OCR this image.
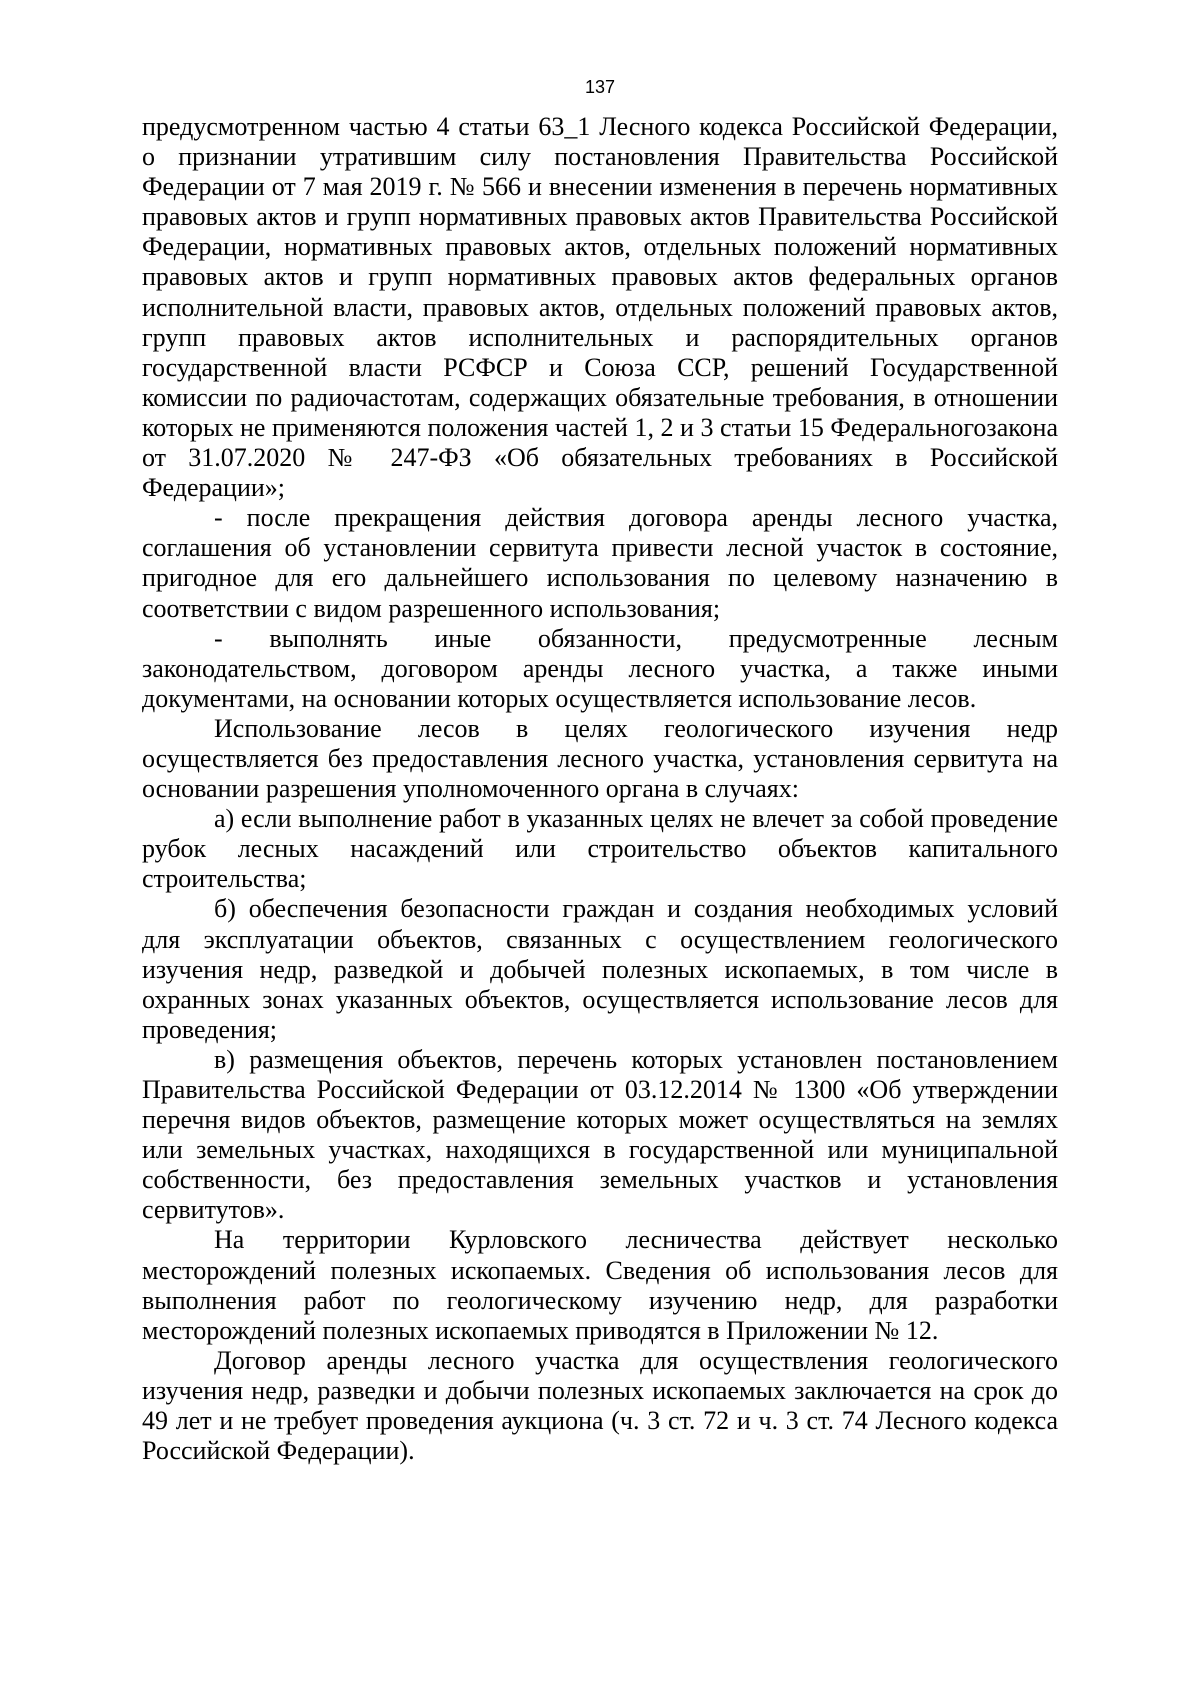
137

предусмотренном частью 4 статьи 63_1 Лесного кодекса Российской Федерации, о признании утратившим силу постановления Правительства Российской Федерации от 7 мая 2019 г. № 566 и внесении изменения в перечень нормативных правовых актов и групп нормативных правовых актов Правительства Российской Федерации, нормативных правовых актов, отдельных положений нормативных правовых актов и групп нормативных правовых актов федеральных органов исполнительной власти, правовых актов, отдельных положений правовых актов, групп правовых актов исполнительных и распорядительных органов государственной власти РСФСР и Союза ССР, решений Государственной комиссии по радиочастотам, содержащих обязательные требования, в отношении которых не применяются положения частей 1, 2 и 3 статьи 15 Федеральногозакона от 31.07.2020 № 247-ФЗ «Об обязательных требованиях в Российской Федерации»;

- после прекращения действия договора аренды лесного участка, соглашения об установлении сервитута привести лесной участок в состояние, пригодное для его дальнейшего использования по целевому назначению в соответствии с видом разрешенного использования;

- выполнять иные обязанности, предусмотренные лесным законодательством, договором аренды лесного участка, а также иными документами, на основании которых осуществляется использование лесов.

Использование лесов в целях геологического изучения недр осуществляется без предоставления лесного участка, установления сервитута на основании разрешения уполномоченного органа в случаях:

а) если выполнение работ в указанных целях не влечет за собой проведение рубок лесных насаждений или строительство объектов капитального строительства;

б) обеспечения безопасности граждан и создания необходимых условий для эксплуатации объектов, связанных с осуществлением геологического изучения недр, разведкой и добычей полезных ископаемых, в том числе в охранных зонах указанных объектов, осуществляется использование лесов для проведения;

в) размещения объектов, перечень которых установлен постановлением Правительства Российской Федерации от 03.12.2014 № 1300 «Об утверждении перечня видов объектов, размещение которых может осуществляться на землях или земельных участках, находящихся в государственной или муниципальной собственности, без предоставления земельных участков и установления сервитутов».

На территории Курловского лесничества действует несколько месторождений полезных ископаемых. Сведения об использования лесов для выполнения работ по геологическому изучению недр, для разработки месторождений полезных ископаемых приводятся в Приложении № 12.

Договор аренды лесного участка для осуществления геологического изучения недр, разведки и добычи полезных ископаемых заключается на срок до 49 лет и не требует проведения аукциона (ч. 3 ст. 72 и ч. 3 ст. 74 Лесного кодекса Российской Федерации).
